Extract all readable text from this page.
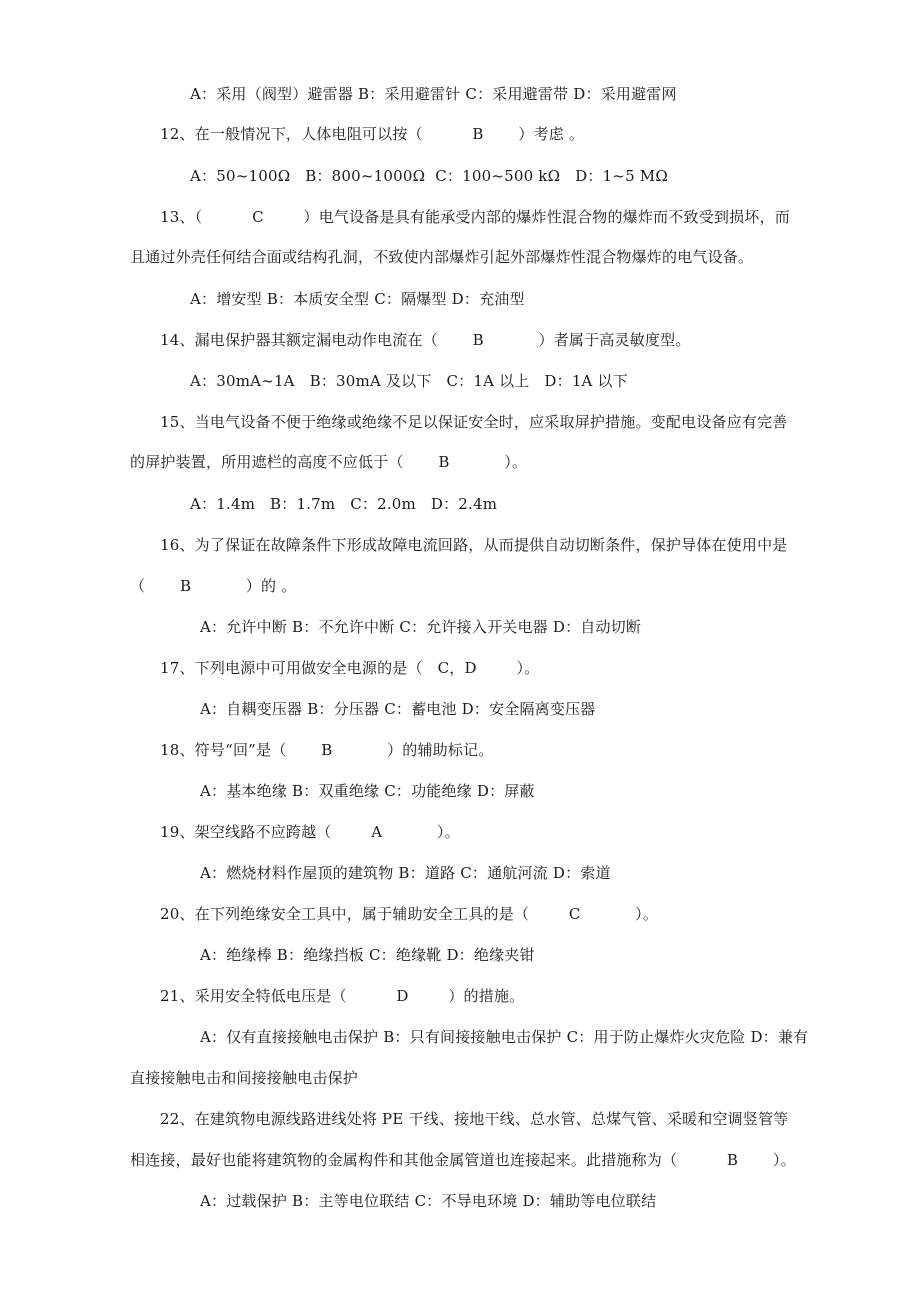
A：采用（阀型）避雷器 B：采用避雷针 C：采用避雷带 D：采用避雷网
12、在一般情况下，人体电阻可以按（          B       ）考虑 。
A：50~100Ω   B：800~1000Ω  C：100~500 kΩ   D：1~5 MΩ
13、（          C        ）电气设备是具有能承受内部的爆炸性混合物的爆炸而不致受到损坏，而
且通过外壳任何结合面或结构孔洞，不致使内部爆炸引起外部爆炸性混合物爆炸的电气设备。
A：增安型 B：本质安全型 C：隔爆型 D：充油型
14、漏电保护器其额定漏电动作电流在（       B           ）者属于高灵敏度型。
A：30mA~1A   B：30mA 及以下   C：1A 以上   D：1A 以下
15、当电气设备不便于绝缘或绝缘不足以保证安全时，应采取屏护措施。变配电设备应有完善
的屏护装置，所用遮栏的高度不应低于（       B           ）。
A：1.4m   B：1.7m   C：2.0m   D：2.4m
16、为了保证在故障条件下形成故障电流回路，从而提供自动切断条件，保护导体在使用中是
（       B           ）的 。
A：允许中断 B：不允许中断 C：允许接入开关电器 D：自动切断
17、下列电源中可用做安全电源的是（   C，D        ）。
A：自耦变压器 B：分压器 C：蓄电池 D：安全隔离变压器
18、符号“回”是（       B           ）的辅助标记。
A：基本绝缘 B：双重绝缘 C：功能绝缘 D：屏蔽
19、架空线路不应跨越（        A           ）。
A：燃烧材料作屋顶的建筑物 B：道路 C：通航河流 D：索道
20、在下列绝缘安全工具中，属于辅助安全工具的是（        C           ）。
A：绝缘棒 B：绝缘挡板 C：绝缘靴 D：绝缘夹钳
21、采用安全特低电压是（          D        ）的措施。
A：仅有直接接触电击保护 B：只有间接接触电击保护 C：用于防止爆炸火灾危险 D：兼有
直接接触电击和间接接触电击保护
22、在建筑物电源线路进线处将 PE 干线、接地干线、总水管、总煤气管、采暖和空调竖管等
相连接，最好也能将建筑物的金属构件和其他金属管道也连接起来。此措施称为（          B       ）。
A：过载保护 B：主等电位联结 C：不导电环境 D：辅助等电位联结
